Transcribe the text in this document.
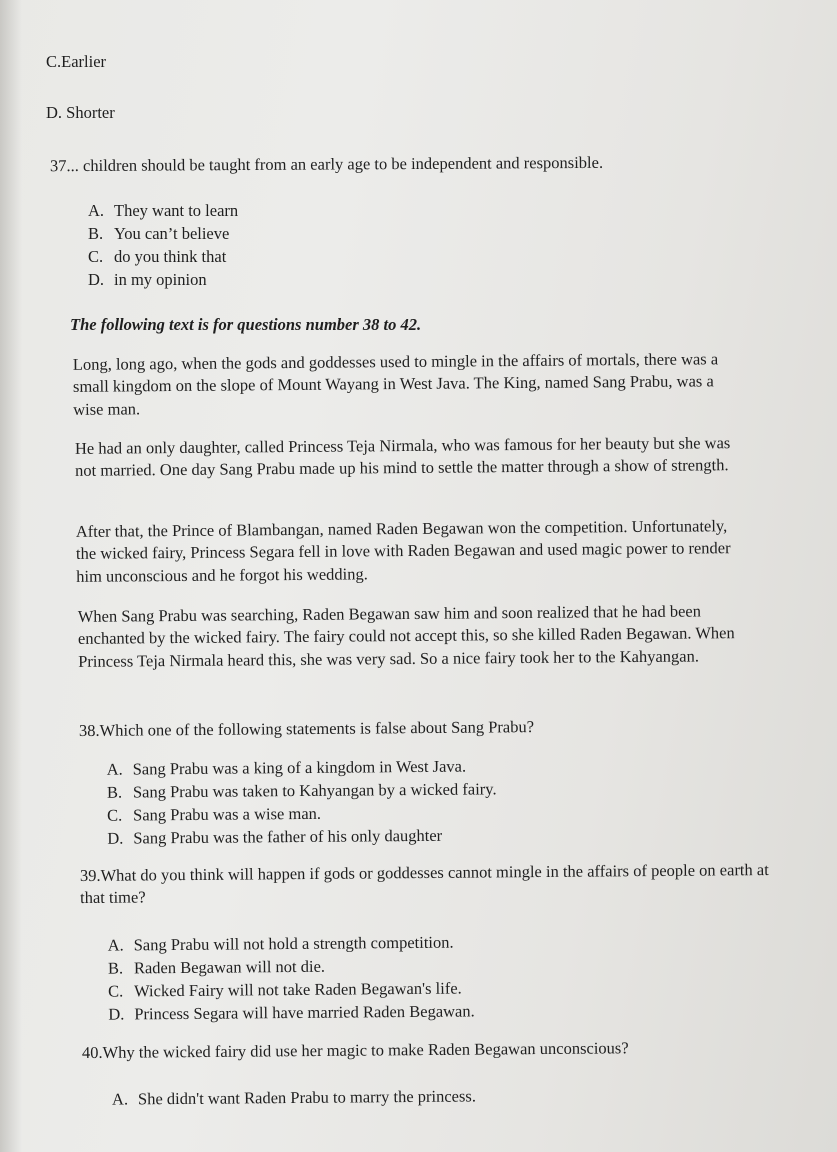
C.Earlier
D. Shorter
37... children should be taught from an early age to be independent and responsible.
A. They want to learn
B. You can’t believe
C. do you think that
D. in my opinion
The following text is for questions number 38 to 42.

Long, long ago, when the gods and goddesses used to mingle in the affairs of mortals, there was a small kingdom on the slope of Mount Wayang in West Java. The King, named Sang Prabu, was a wise man.

He had an only daughter, called Princess Teja Nirmala, who was famous for her beauty but she was not married. One day Sang Prabu made up his mind to settle the matter through a show of strength.

After that, the Prince of Blambangan, named Raden Begawan won the competition. Unfortunately, the wicked fairy, Princess Segara fell in love with Raden Begawan and used magic power to render him unconscious and he forgot his wedding.

When Sang Prabu was searching, Raden Begawan saw him and soon realized that he had been enchanted by the wicked fairy. The fairy could not accept this, so she killed Raden Begawan. When Princess Teja Nirmala heard this, she was very sad. So a nice fairy took her to the Kahyangan.

38.Which one of the following statements is false about Sang Prabu?
A. Sang Prabu was a king of a kingdom in West Java.
B. Sang Prabu was taken to Kahyangan by a wicked fairy.
C. Sang Prabu was a wise man.
D. Sang Prabu was the father of his only daughter
39.What do you think will happen if gods or goddesses cannot mingle in the affairs of people on earth at that time?
A. Sang Prabu will not hold a strength competition.
B. Raden Begawan will not die.
C. Wicked Fairy will not take Raden Begawan's life.
D. Princess Segara will have married Raden Begawan.
40.Why the wicked fairy did use her magic to make Raden Begawan unconscious?
A. She didn't want Raden Prabu to marry the princess.
